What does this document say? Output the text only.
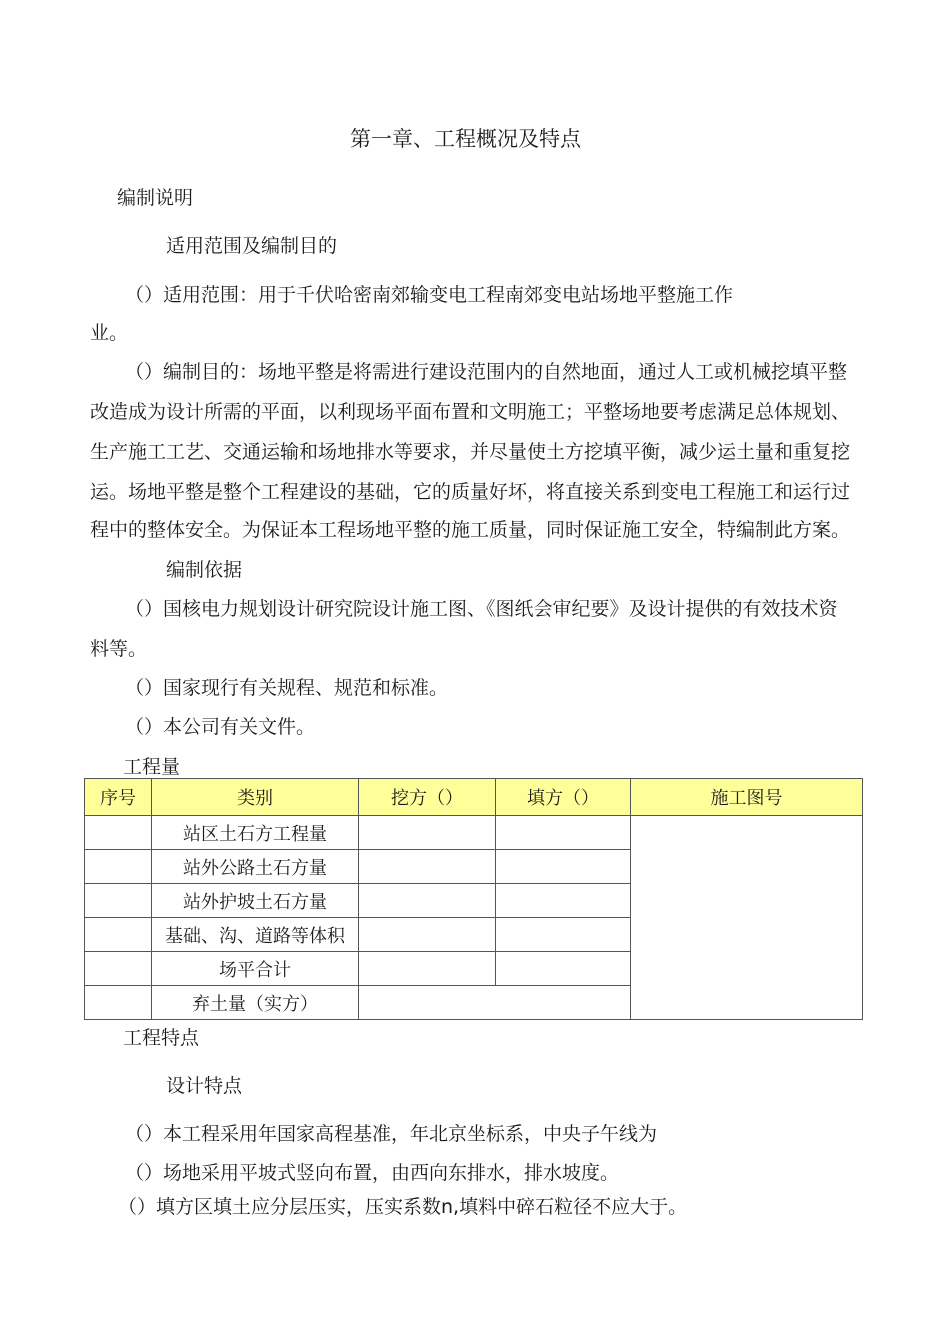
第一章、工程概况及特点
编制说明
适用范围及编制目的
（）适用范围：用于千伏哈密南郊输变电工程南郊变电站场地平整施工作
业。
（）编制目的：场地平整是将需进行建设范围内的自然地面，通过人工或机械挖填平整
改造成为设计所需的平面，以利现场平面布置和文明施工；平整场地要考虑满足总体规划、
生产施工工艺、交通运输和场地排水等要求，并尽量使土方挖填平衡，减少运土量和重复挖
运。场地平整是整个工程建设的基础，它的质量好坏，将直接关系到变电工程施工和运行过
程中的整体安全。为保证本工程场地平整的施工质量，同时保证施工安全，特编制此方案。
编制依据
（）国核电力规划设计研究院设计施工图、《图纸会审纪要》及设计提供的有效技术资
料等。
（）国家现行有关规程、规范和标准。
（）本公司有关文件。
工程量
序号	类别	挖方（）	填方（）	施工图号
	站区土石方工程量			
	站外公路土石方量			
	站外护坡土石方量			
	基础、沟、道路等体积			
	场平合计			
	弃土量（实方）			
工程特点
设计特点
（）本工程采用年国家高程基准，年北京坐标系，中央子午线为
（）场地采用平坡式竖向布置，由西向东排水，排水坡度。
（）填方区填土应分层压实，压实系数n,填料中碎石粒径不应大于。
